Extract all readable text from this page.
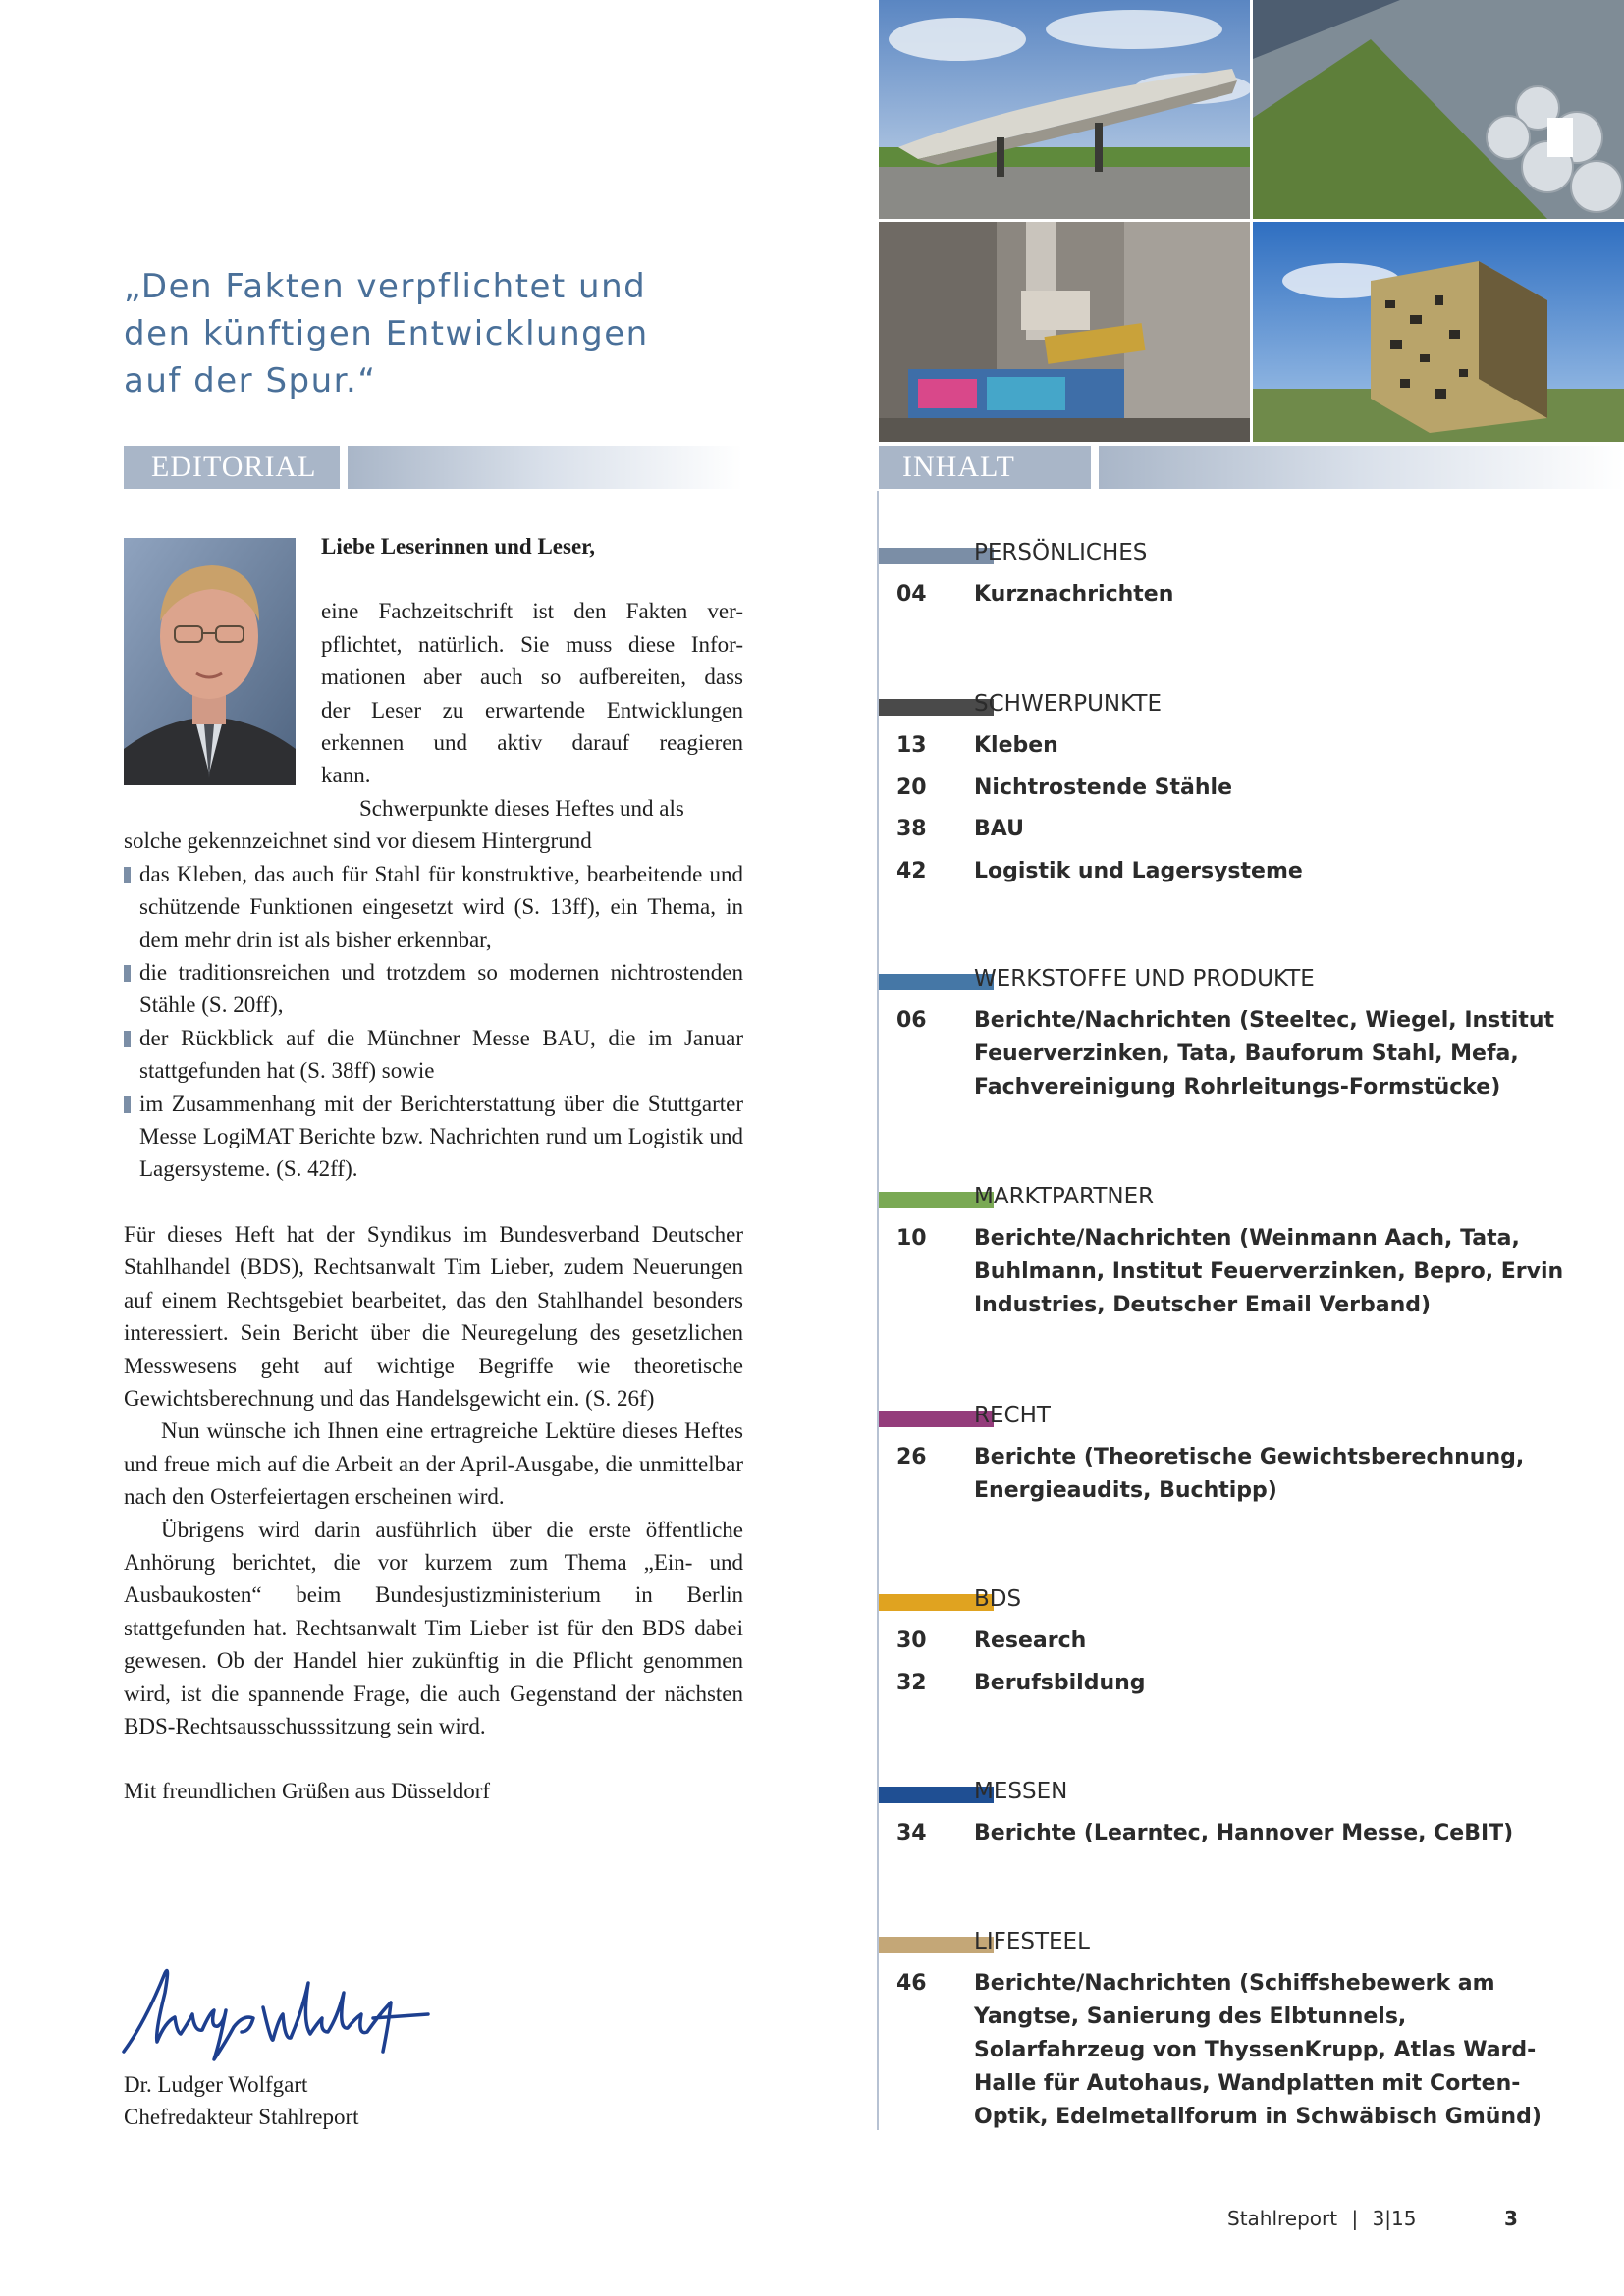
„Den Fakten verpflichtet und
den künftigen Entwicklungen
auf der Spur.“
EDITORIAL	INHALT

Liebe Leserinnen und Leser,

eine Fachzeitschrift ist den Fakten ver-
pflichtet, natürlich. Sie muss diese Infor-
mationen aber auch so aufbereiten, dass
der Leser zu erwartende Entwicklungen
erkennen und aktiv darauf reagieren
kann.

Schwerpunkte dieses Heftes und als solche gekennzeichnet sind vor diesem Hintergrund

das Kleben, das auch für Stahl für konstruktive, bearbeitende und schützende Funktionen eingesetzt wird (S. 13ff), ein Thema, in dem mehr drin ist als bisher erkennbar,
die traditionsreichen und trotzdem so modernen nichtrostenden Stähle (S. 20ff),
der Rückblick auf die Münchner Messe BAU, die im Januar stattgefunden hat (S. 38ff) sowie
im Zusammenhang mit der Berichterstattung über die Stuttgarter Messe LogiMAT Berichte bzw. Nachrichten rund um Logistik und Lagersysteme. (S. 42ff).

Für dieses Heft hat der Syndikus im Bundesverband Deutscher Stahlhandel (BDS), Rechtsanwalt Tim Lieber, zudem Neuerungen auf einem Rechtsgebiet bearbeitet, das den Stahlhandel besonders interessiert. Sein Bericht über die Neuregelung des gesetzlichen Messwesens geht auf wichtige Begriffe wie theoretische Gewichtsberechnung und das Handelsgewicht ein. (S. 26f)

Nun wünsche ich Ihnen eine ertragreiche Lektüre dieses Heftes und freue mich auf die Arbeit an der April-Ausgabe, die unmittelbar nach den Osterfeiertagen erscheinen wird.

Übrigens wird darin ausführlich über die erste öffentliche Anhörung berichtet, die vor kurzem zum Thema „Ein- und Ausbaukosten“ beim Bundesjustizministerium in Berlin stattgefunden hat. Rechtsanwalt Tim Lieber ist für den BDS dabei gewesen. Ob der Handel hier zukünftig in die Pflicht genommen wird, ist die spannende Frage, die auch Gegenstand der nächsten BDS-Rechtsausschusssitzung sein wird.

Mit freundlichen Grüßen aus Düsseldorf

Dr. Ludger Wolfgart
Chefredakteur Stahlreport
PERSÖNLICHES
04 Kurznachrichten
SCHWERPUNKTE
13 Kleben
20 Nichtrostende Stähle
38 BAU
42 Logistik und Lagersysteme
WERKSTOFFE UND PRODUKTE
06 Berichte/Nachrichten (Steeltec, Wiegel, Institut Feuerverzinken, Tata, Bauforum Stahl, Mefa, Fachvereinigung Rohrleitungs-Formstücke)
MARKTPARTNER
10 Berichte/Nachrichten (Weinmann Aach, Tata, Buhlmann, Institut Feuerverzinken, Bepro, Ervin Industries, Deutscher Email Verband)
RECHT
26 Berichte (Theoretische Gewichtsberechnung, Energieaudits, Buchtipp)
BDS
30 Research
32 Berufsbildung
MESSEN
34 Berichte (Learntec, Hannover Messe, CeBIT)
LIFESTEEL
46 Berichte/Nachrichten (Schiffshebewerk am Yangtse, Sanierung des Elbtunnels, Solarfahrzeug von ThyssenKrupp, Atlas Ward-Halle für Autohaus, Wandplatten mit Corten-Optik, Edelmetallforum in Schwäbisch Gmünd)
Stahlreport | 3|15	3
